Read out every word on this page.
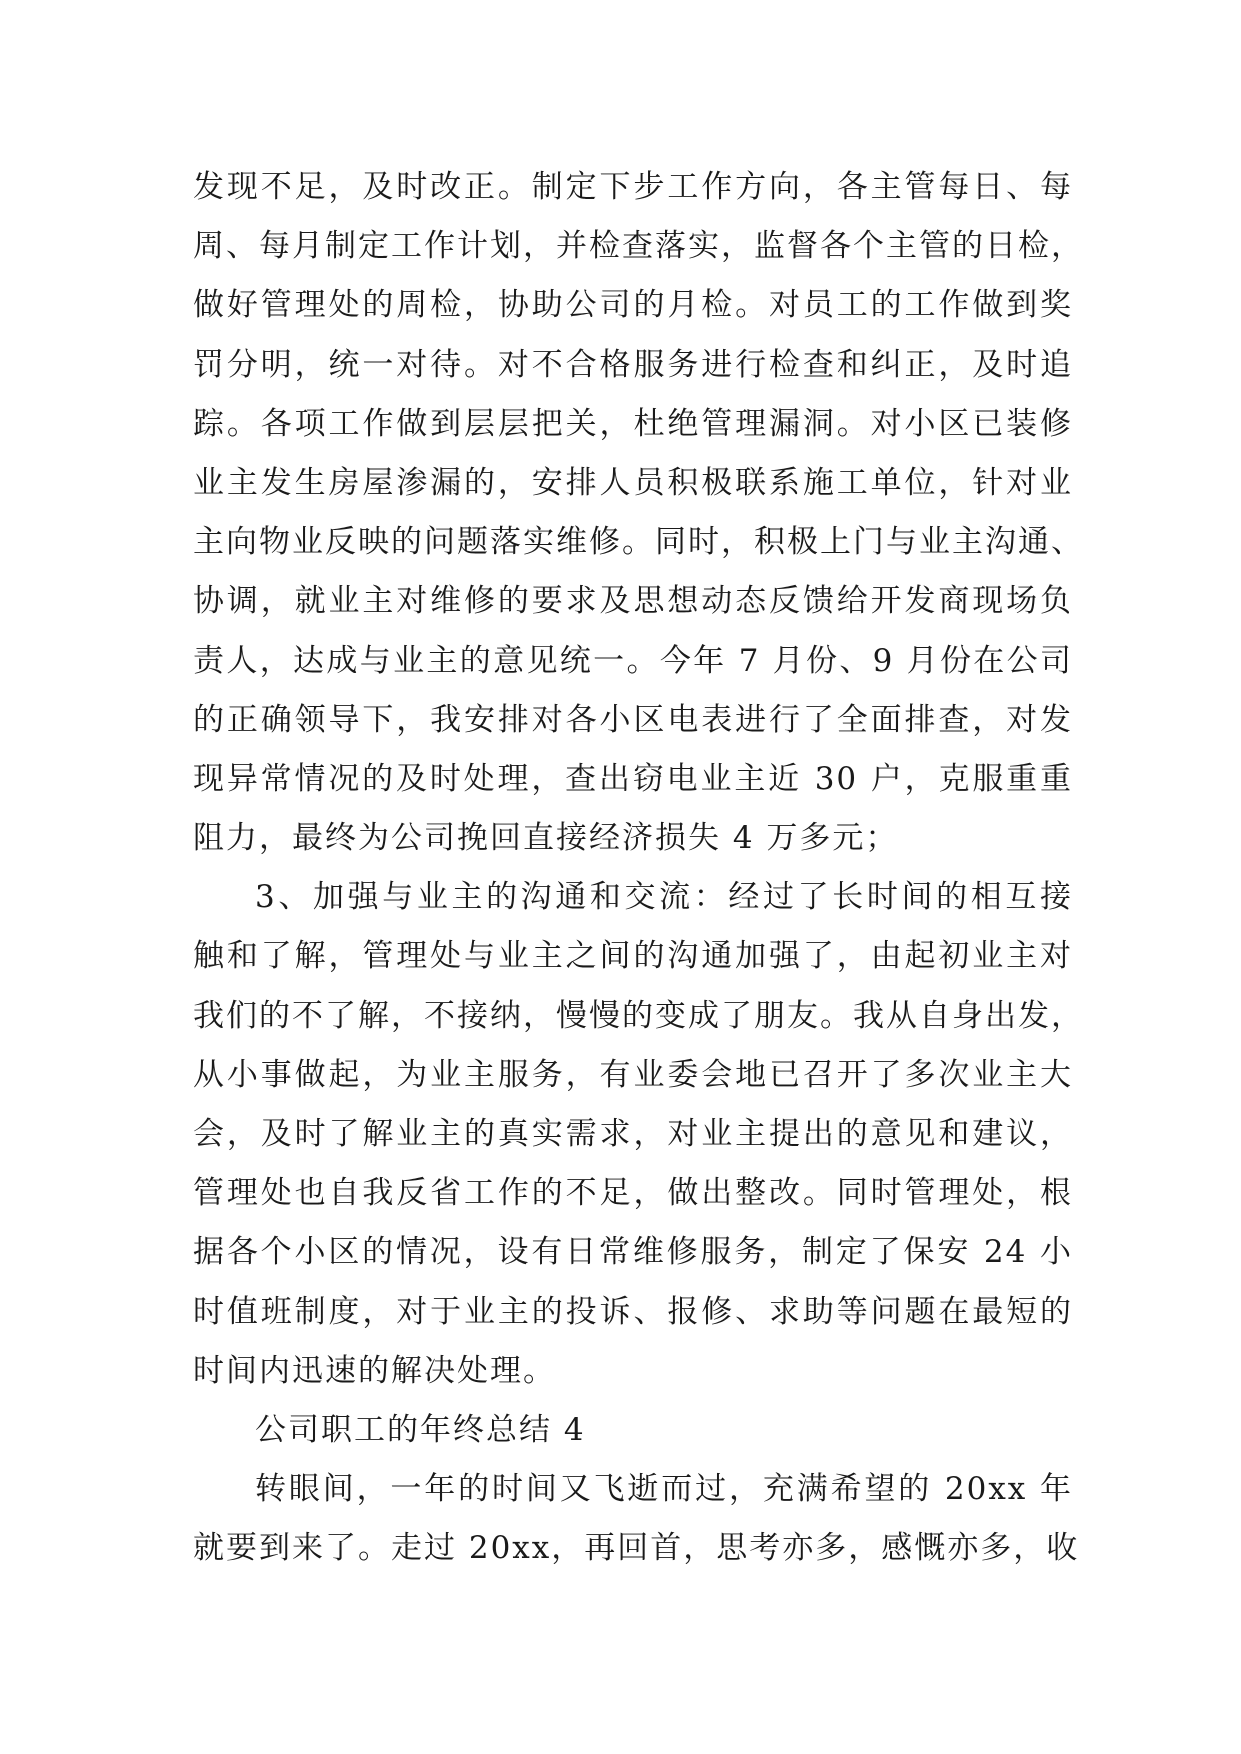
发现不足，及时改正。制定下步工作方向，各主管每日、每
周、每月制定工作计划，并检查落实，监督各个主管的日检，
做好管理处的周检，协助公司的月检。对员工的工作做到奖
罚分明，统一对待。对不合格服务进行检查和纠正，及时追
踪。各项工作做到层层把关，杜绝管理漏洞。对小区已装修
业主发生房屋渗漏的，安排人员积极联系施工单位，针对业
主向物业反映的问题落实维修。同时，积极上门与业主沟通、
协调，就业主对维修的要求及思想动态反馈给开发商现场负
责人，达成与业主的意见统一。今年 7 月份、9 月份在公司
的正确领导下，我安排对各小区电表进行了全面排查，对发
现异常情况的及时处理，查出窃电业主近 30 户，克服重重
阻力，最终为公司挽回直接经济损失 4 万多元；
3、加强与业主的沟通和交流：经过了长时间的相互接
触和了解，管理处与业主之间的沟通加强了，由起初业主对
我们的不了解，不接纳，慢慢的变成了朋友。我从自身出发，
从小事做起，为业主服务，有业委会地已召开了多次业主大
会，及时了解业主的真实需求，对业主提出的意见和建议，
管理处也自我反省工作的不足，做出整改。同时管理处，根
据各个小区的情况，设有日常维修服务，制定了保安 24 小
时值班制度，对于业主的投诉、报修、求助等问题在最短的
时间内迅速的解决处理。
公司职工的年终总结 4
转眼间，一年的时间又飞逝而过，充满希望的 20xx 年
就要到来了。走过 20xx，再回首，思考亦多，感慨亦多，收
